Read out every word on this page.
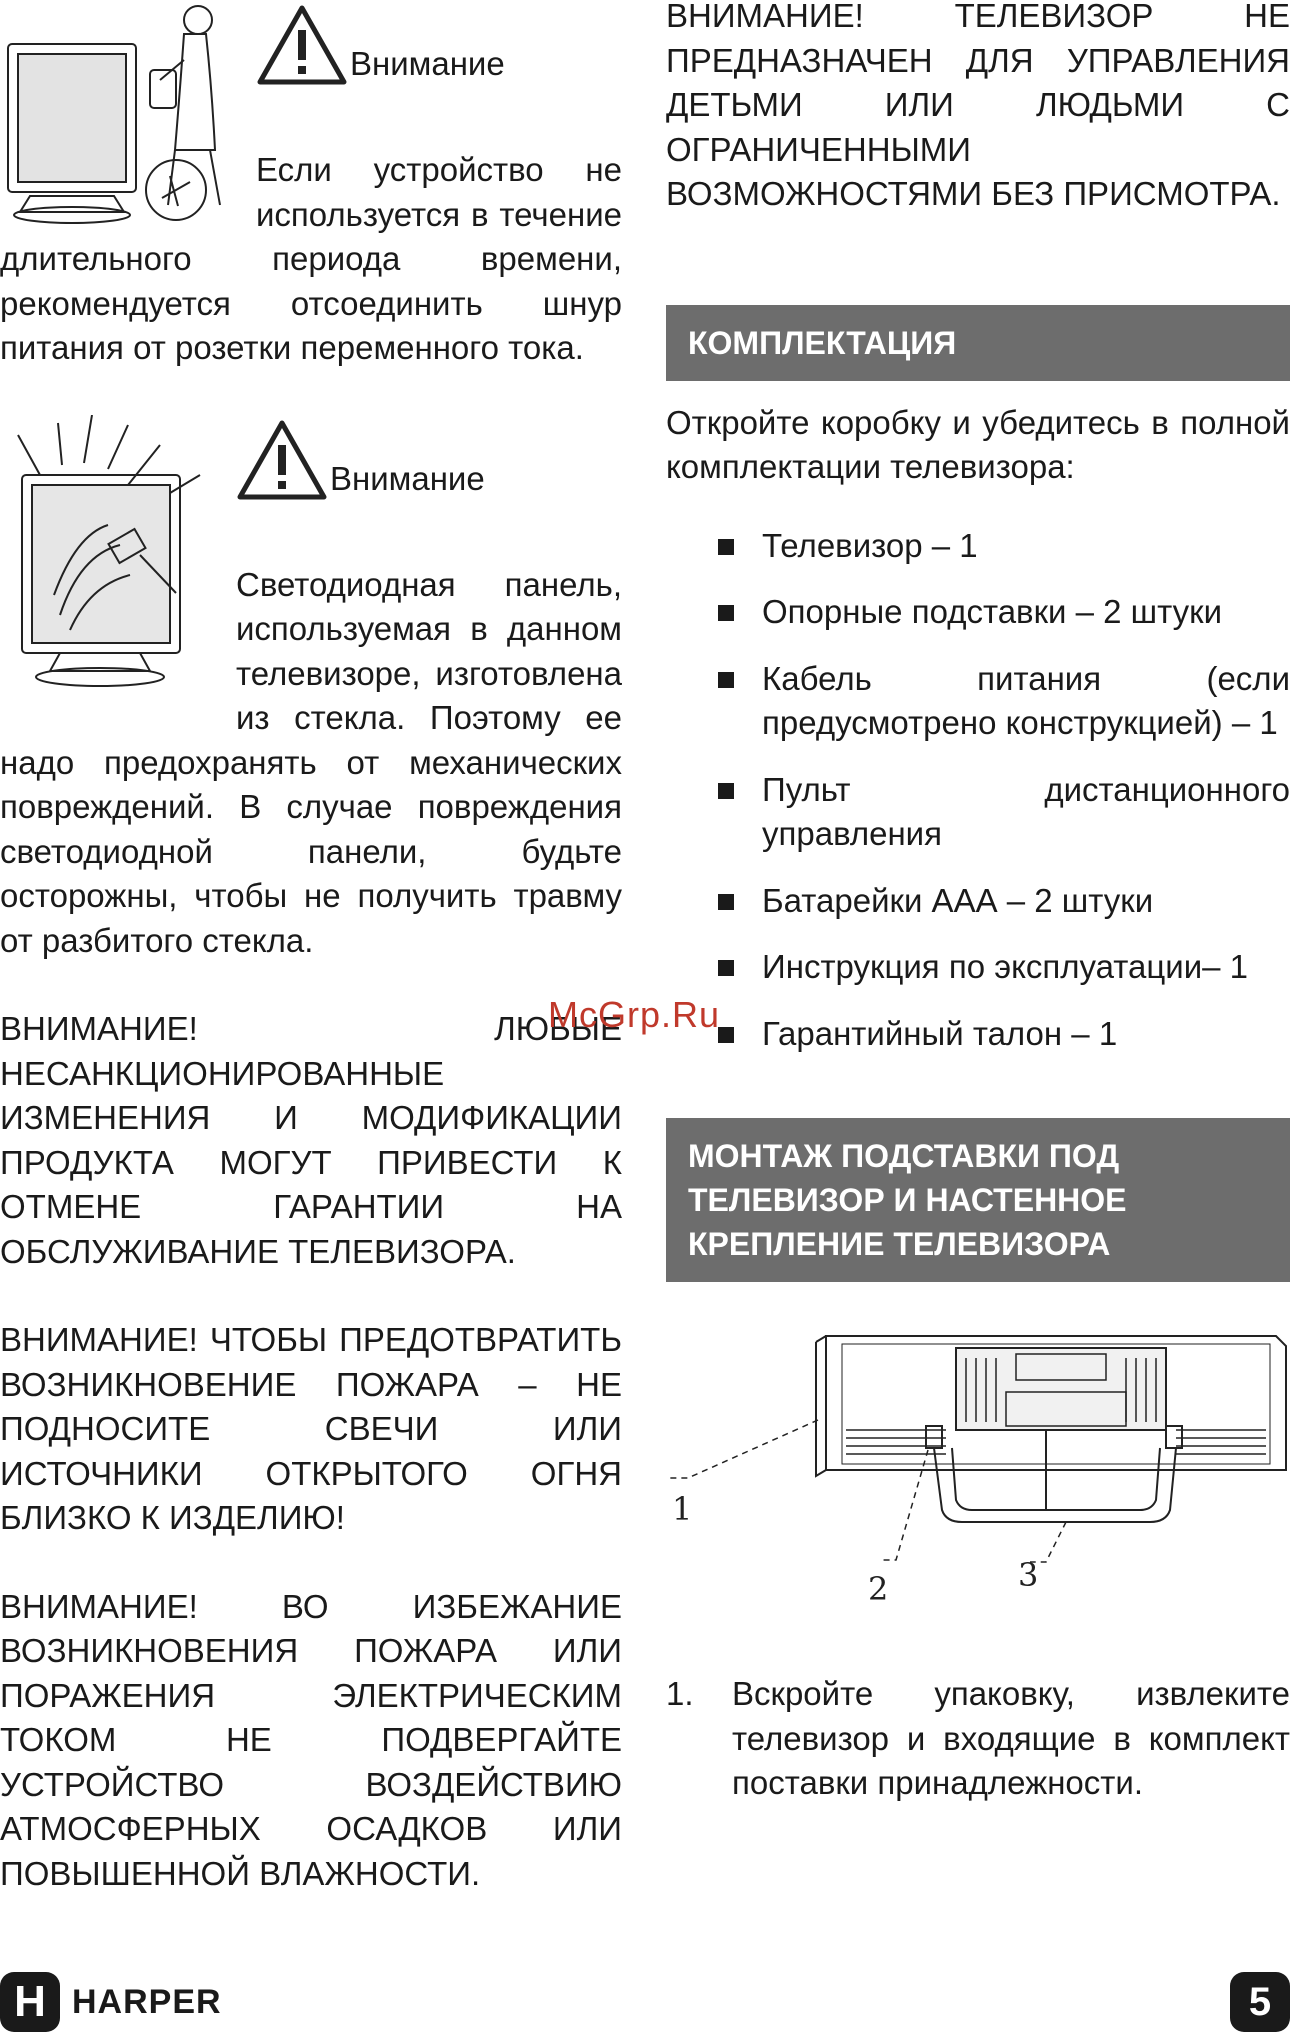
Внимание

Если устройство не используется в течение длительного периода времени, рекомендуется отсоединить шнур питания от розетки переменного тока.

Внимание

Светодиодная панель, используемая в данном телевизоре, изготовлена из стекла. Поэтому ее надо предохранять от механических повреждений. В случае повреждения светодиодной панели, будьте осторожны, чтобы не получить травму от разбитого стекла.

ВНИМАНИЕ! ЛЮБЫЕ НЕСАНКЦИОНИРОВАННЫЕ ИЗМЕНЕНИЯ И МОДИФИКАЦИИ ПРОДУКТА МОГУТ ПРИВЕСТИ К ОТМЕНЕ ГАРАНТИИ НА ОБСЛУЖИВАНИЕ ТЕЛЕВИЗОРА.

ВНИМАНИЕ! ЧТОБЫ ПРЕДОТВРАТИТЬ ВОЗНИКНОВЕНИЕ ПОЖАРА – НЕ ПОДНОСИТЕ СВЕЧИ ИЛИ ИСТОЧНИКИ ОТКРЫТОГО ОГНЯ БЛИЗКО К ИЗДЕЛИЮ!

ВНИМАНИЕ! ВО ИЗБЕЖАНИЕ ВОЗНИКНОВЕНИЯ ПОЖАРА ИЛИ ПОРАЖЕНИЯ ЭЛЕКТРИЧЕСКИМ ТОКОМ НЕ ПОДВЕРГАЙТЕ УСТРОЙСТВО ВОЗДЕЙСТВИЮ АТМОСФЕРНЫХ ОСАДКОВ ИЛИ ПОВЫШЕННОЙ ВЛАЖНОСТИ.

ВНИМАНИЕ! ТЕЛЕВИЗОР НЕ ПРЕДНАЗНАЧЕН ДЛЯ УПРАВЛЕНИЯ ДЕТЬМИ ИЛИ ЛЮДЬМИ С ОГРАНИЧЕННЫМИ ВОЗМОЖНОСТЯМИ БЕЗ ПРИСМОТРА.

КОМПЛЕКТАЦИЯ

Откройте коробку и убедитесь в полной комплектации телевизора:

Телевизор – 1
Опорные подставки – 2 штуки
Кабель питания (если предусмотрено конструкцией) – 1
Пульт дистанционного управления
Батарейки ААА – 2 штуки
Инструкция по эксплуатации– 1
Гарантийный талон – 1
МОНТАЖ ПОДСТАВКИ ПОД ТЕЛЕВИЗОР И НАСТЕННОЕ КРЕПЛЕНИЕ ТЕЛЕВИЗОРА
1
2	3
1.	Вскройте упаковку, извлеките телевизор и входящие в комплект поставки принадлежности.
McGrp.Ru
H HARPER	5
